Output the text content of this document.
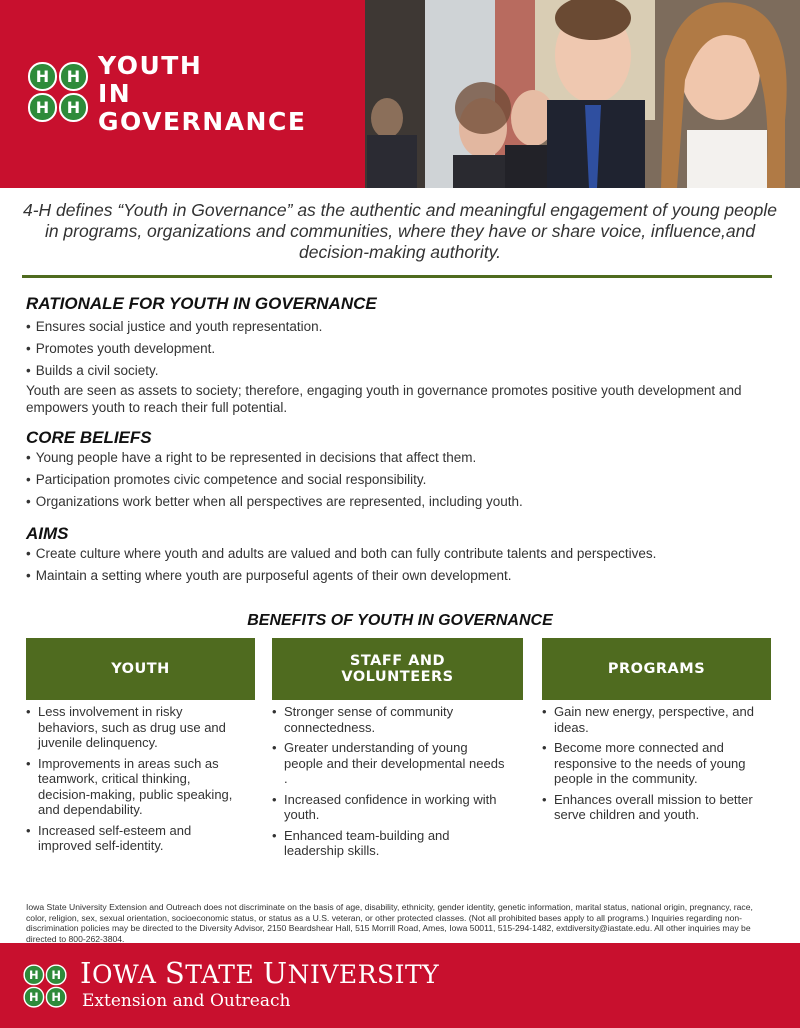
H H
H H
YOUTH
IN
GOVERNANCE
4-H defines “Youth in Governance” as the authentic and meaningful engagement of young people in programs, organizations and communities, where they have or share voice, influence,and decision-making authority.
RATIONALE FOR YOUTH IN GOVERNANCE
• Ensures social justice and youth representation.
• Promotes youth development.
• Builds a civil society.
Youth are seen as assets to society; therefore, engaging youth in governance promotes positive youth development and empowers youth to reach their full potential.
CORE BELIEFS
• Young people have a right to be represented in decisions that affect them.
• Participation promotes civic competence and social responsibility.
• Organizations work better when all perspectives are represented, including youth.
AIMS
• Create culture where youth and adults are valued and both can fully contribute talents and perspectives.
• Maintain a setting where youth are purposeful agents of their own development.
BENEFITS OF YOUTH IN GOVERNANCE
YOUTH	STAFF AND
VOLUNTEERS	PROGRAMS
• Less involvement in risky behaviors, such as drug use and juvenile delinquency.
• Improvements in areas such as teamwork, critical thinking, decision-making, public speaking, and dependability.
• Increased self-esteem and improved self-identity.
• Stronger sense of community connectedness.
• Greater understanding of young people and their developmental needs .
• Increased confidence in working with youth.
• Enhanced team-building and leadership skills.
• Gain new energy, perspective, and ideas.
• Become more connected and responsive to the needs of young people in the community.
• Enhances overall mission to better serve children and youth.
Iowa State University Extension and Outreach does not discriminate on the basis of age, disability, ethnicity, gender identity, genetic information, marital status, national origin, pregnancy, race, color, religion, sex, sexual orientation, socioeconomic status, or status as a U.S. veteran, or other protected classes. (Not all prohibited bases apply to all programs.) Inquiries regarding non-discrimination policies may be directed to the Diversity Advisor, 2150 Beardshear Hall, 515 Morrill Road, Ames, Iowa 50011, 515-294-1482, extdiversity@iastate.edu. All other inquiries may be directed to 800-262-3804.
H H
H H
IOWA STATE UNIVERSITY
Extension and Outreach
